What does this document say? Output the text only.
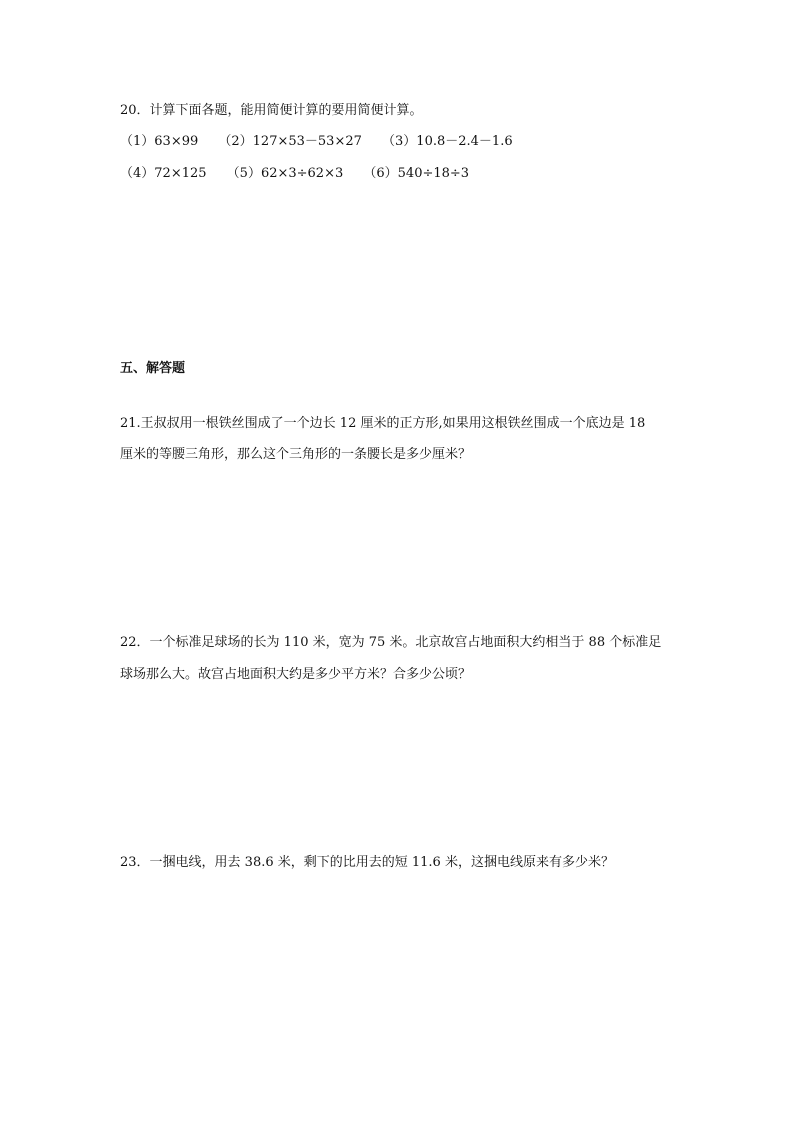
20．计算下面各题，能用简便计算的要用简便计算。
（1）63×99 （2）127×53－53×27 （3）10.8－2.4－1.6
（4）72×125 （5）62×3÷62×3 （6）540÷18÷3
五、解答题
21.王叔叔用一根铁丝围成了一个边长 12 厘米的正方形,如果用这根铁丝围成一个底边是 18
厘米的等腰三角形，那么这个三角形的一条腰长是多少厘米？
22．一个标准足球场的长为 110 米，宽为 75 米。北京故宫占地面积大约相当于 88 个标准足
球场那么大。故宫占地面积大约是多少平方米？合多少公顷？
23．一捆电线，用去 38.6 米，剩下的比用去的短 11.6 米，这捆电线原来有多少米？
